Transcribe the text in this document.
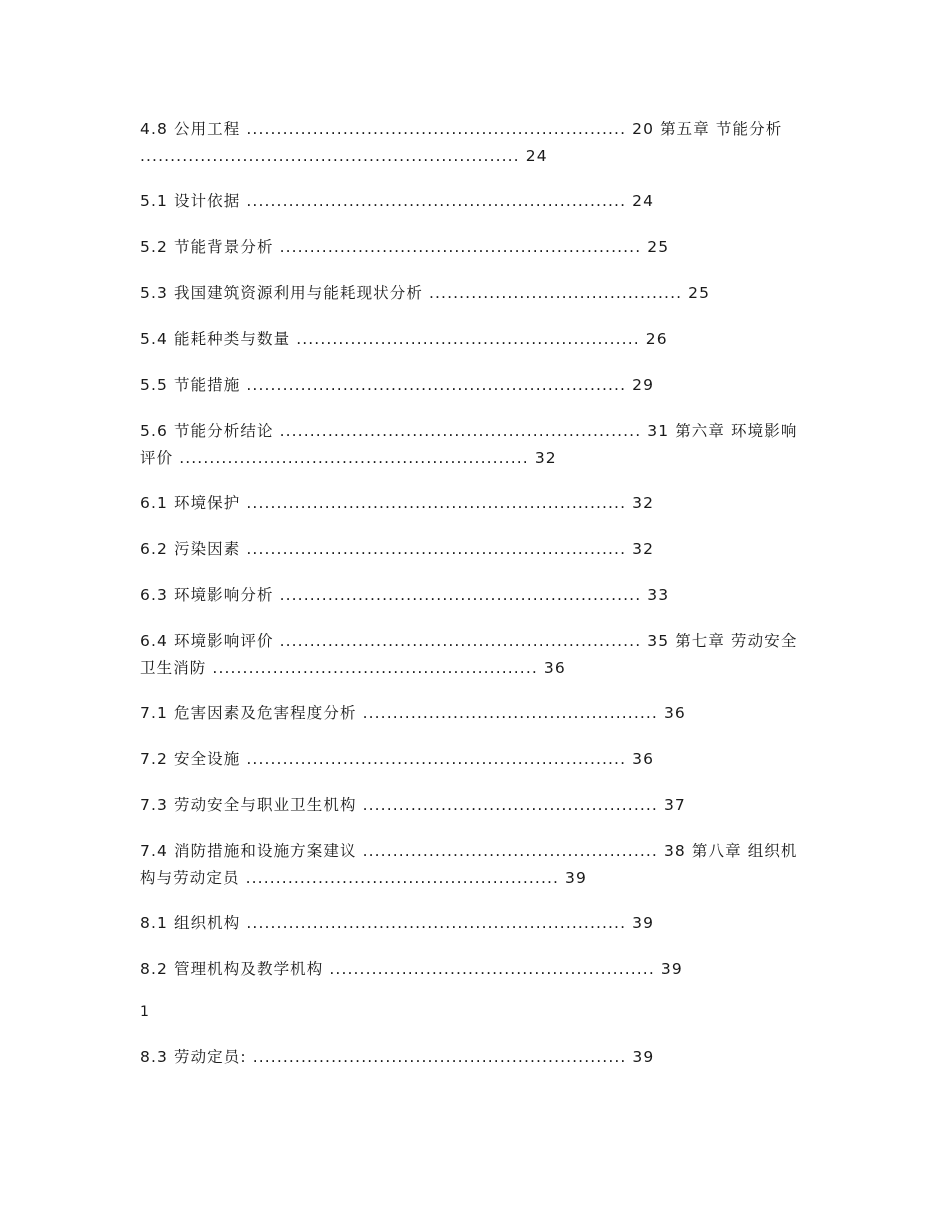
4.8 公用工程 ............................................................... 20 第五章 节能分析 ............................................................... 24
5.1 设计依据 ............................................................... 24
5.2 节能背景分析 ............................................................ 25
5.3 我国建筑资源利用与能耗现状分析 .......................................... 25
5.4 能耗种类与数量 ......................................................... 26
5.5 节能措施 ............................................................... 29
5.6 节能分析结论 ............................................................ 31 第六章 环境影响评价 .......................................................... 32
6.1 环境保护 ............................................................... 32
6.2 污染因素 ............................................................... 32
6.3 环境影响分析 ............................................................ 33
6.4 环境影响评价 ............................................................ 35 第七章 劳动安全卫生消防 ...................................................... 36
7.1 危害因素及危害程度分析 ................................................. 36
7.2 安全设施 ............................................................... 36
7.3 劳动安全与职业卫生机构 ................................................. 37
7.4 消防措施和设施方案建议 ................................................. 38 第八章 组织机构与劳动定员 .................................................... 39
8.1 组织机构 ............................................................... 39
8.2 管理机构及教学机构 ...................................................... 39
1
8.3 劳动定员: .............................................................. 39
